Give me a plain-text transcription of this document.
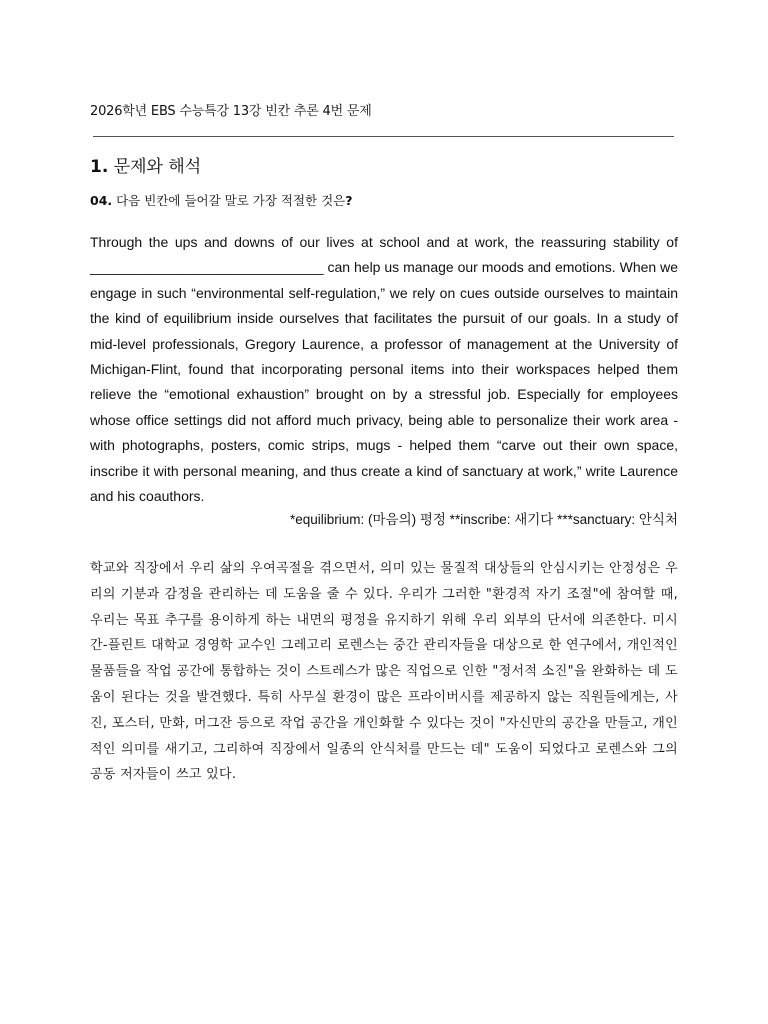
2026학년 EBS 수능특강 13강 빈칸 추론 4번 문제
1. 문제와 해석
04. 다음 빈칸에 들어갈 말로 가장 적절한 것은?

Through the ups and downs of our lives at school and at work, the reassuring stability of ______________________________ can help us manage our moods and emotions. When we engage in such “environmental self-regulation,” we rely on cues outside ourselves to maintain the kind of equilibrium inside ourselves that facilitates the pursuit of our goals. In a study of mid-level professionals, Gregory Laurence, a professor of management at the University of Michigan-Flint, found that incorporating personal items into their workspaces helped them relieve the “emotional exhaustion” brought on by a stressful job. Especially for employees whose office settings did not afford much privacy, being able to personalize their work area - with photographs, posters, comic strips, mugs - helped them “carve out their own space, inscribe it with personal meaning, and thus create a kind of sanctuary at work,” write Laurence and his coauthors.

*equilibrium: (마음의) 평정 **inscribe: 새기다 ***sanctuary: 안식처

학교와 직장에서 우리 삶의 우여곡절을 겪으면서, 의미 있는 물질적 대상들의 안심시키는 안정성은 우리의 기분과 감정을 관리하는 데 도움을 줄 수 있다. 우리가 그러한 "환경적 자기 조절"에 참여할 때, 우리는 목표 추구를 용이하게 하는 내면의 평정을 유지하기 위해 우리 외부의 단서에 의존한다. 미시간-플린트 대학교 경영학 교수인 그레고리 로렌스는 중간 관리자들을 대상으로 한 연구에서, 개인적인 물품들을 작업 공간에 통합하는 것이 스트레스가 많은 직업으로 인한 "정서적 소진"을 완화하는 데 도움이 된다는 것을 발견했다. 특히 사무실 환경이 많은 프라이버시를 제공하지 않는 직원들에게는, 사진, 포스터, 만화, 머그잔 등으로 작업 공간을 개인화할 수 있다는 것이 "자신만의 공간을 만들고, 개인적인 의미를 새기고, 그리하여 직장에서 일종의 안식처를 만드는 데" 도움이 되었다고 로렌스와 그의 공동 저자들이 쓰고 있다.
